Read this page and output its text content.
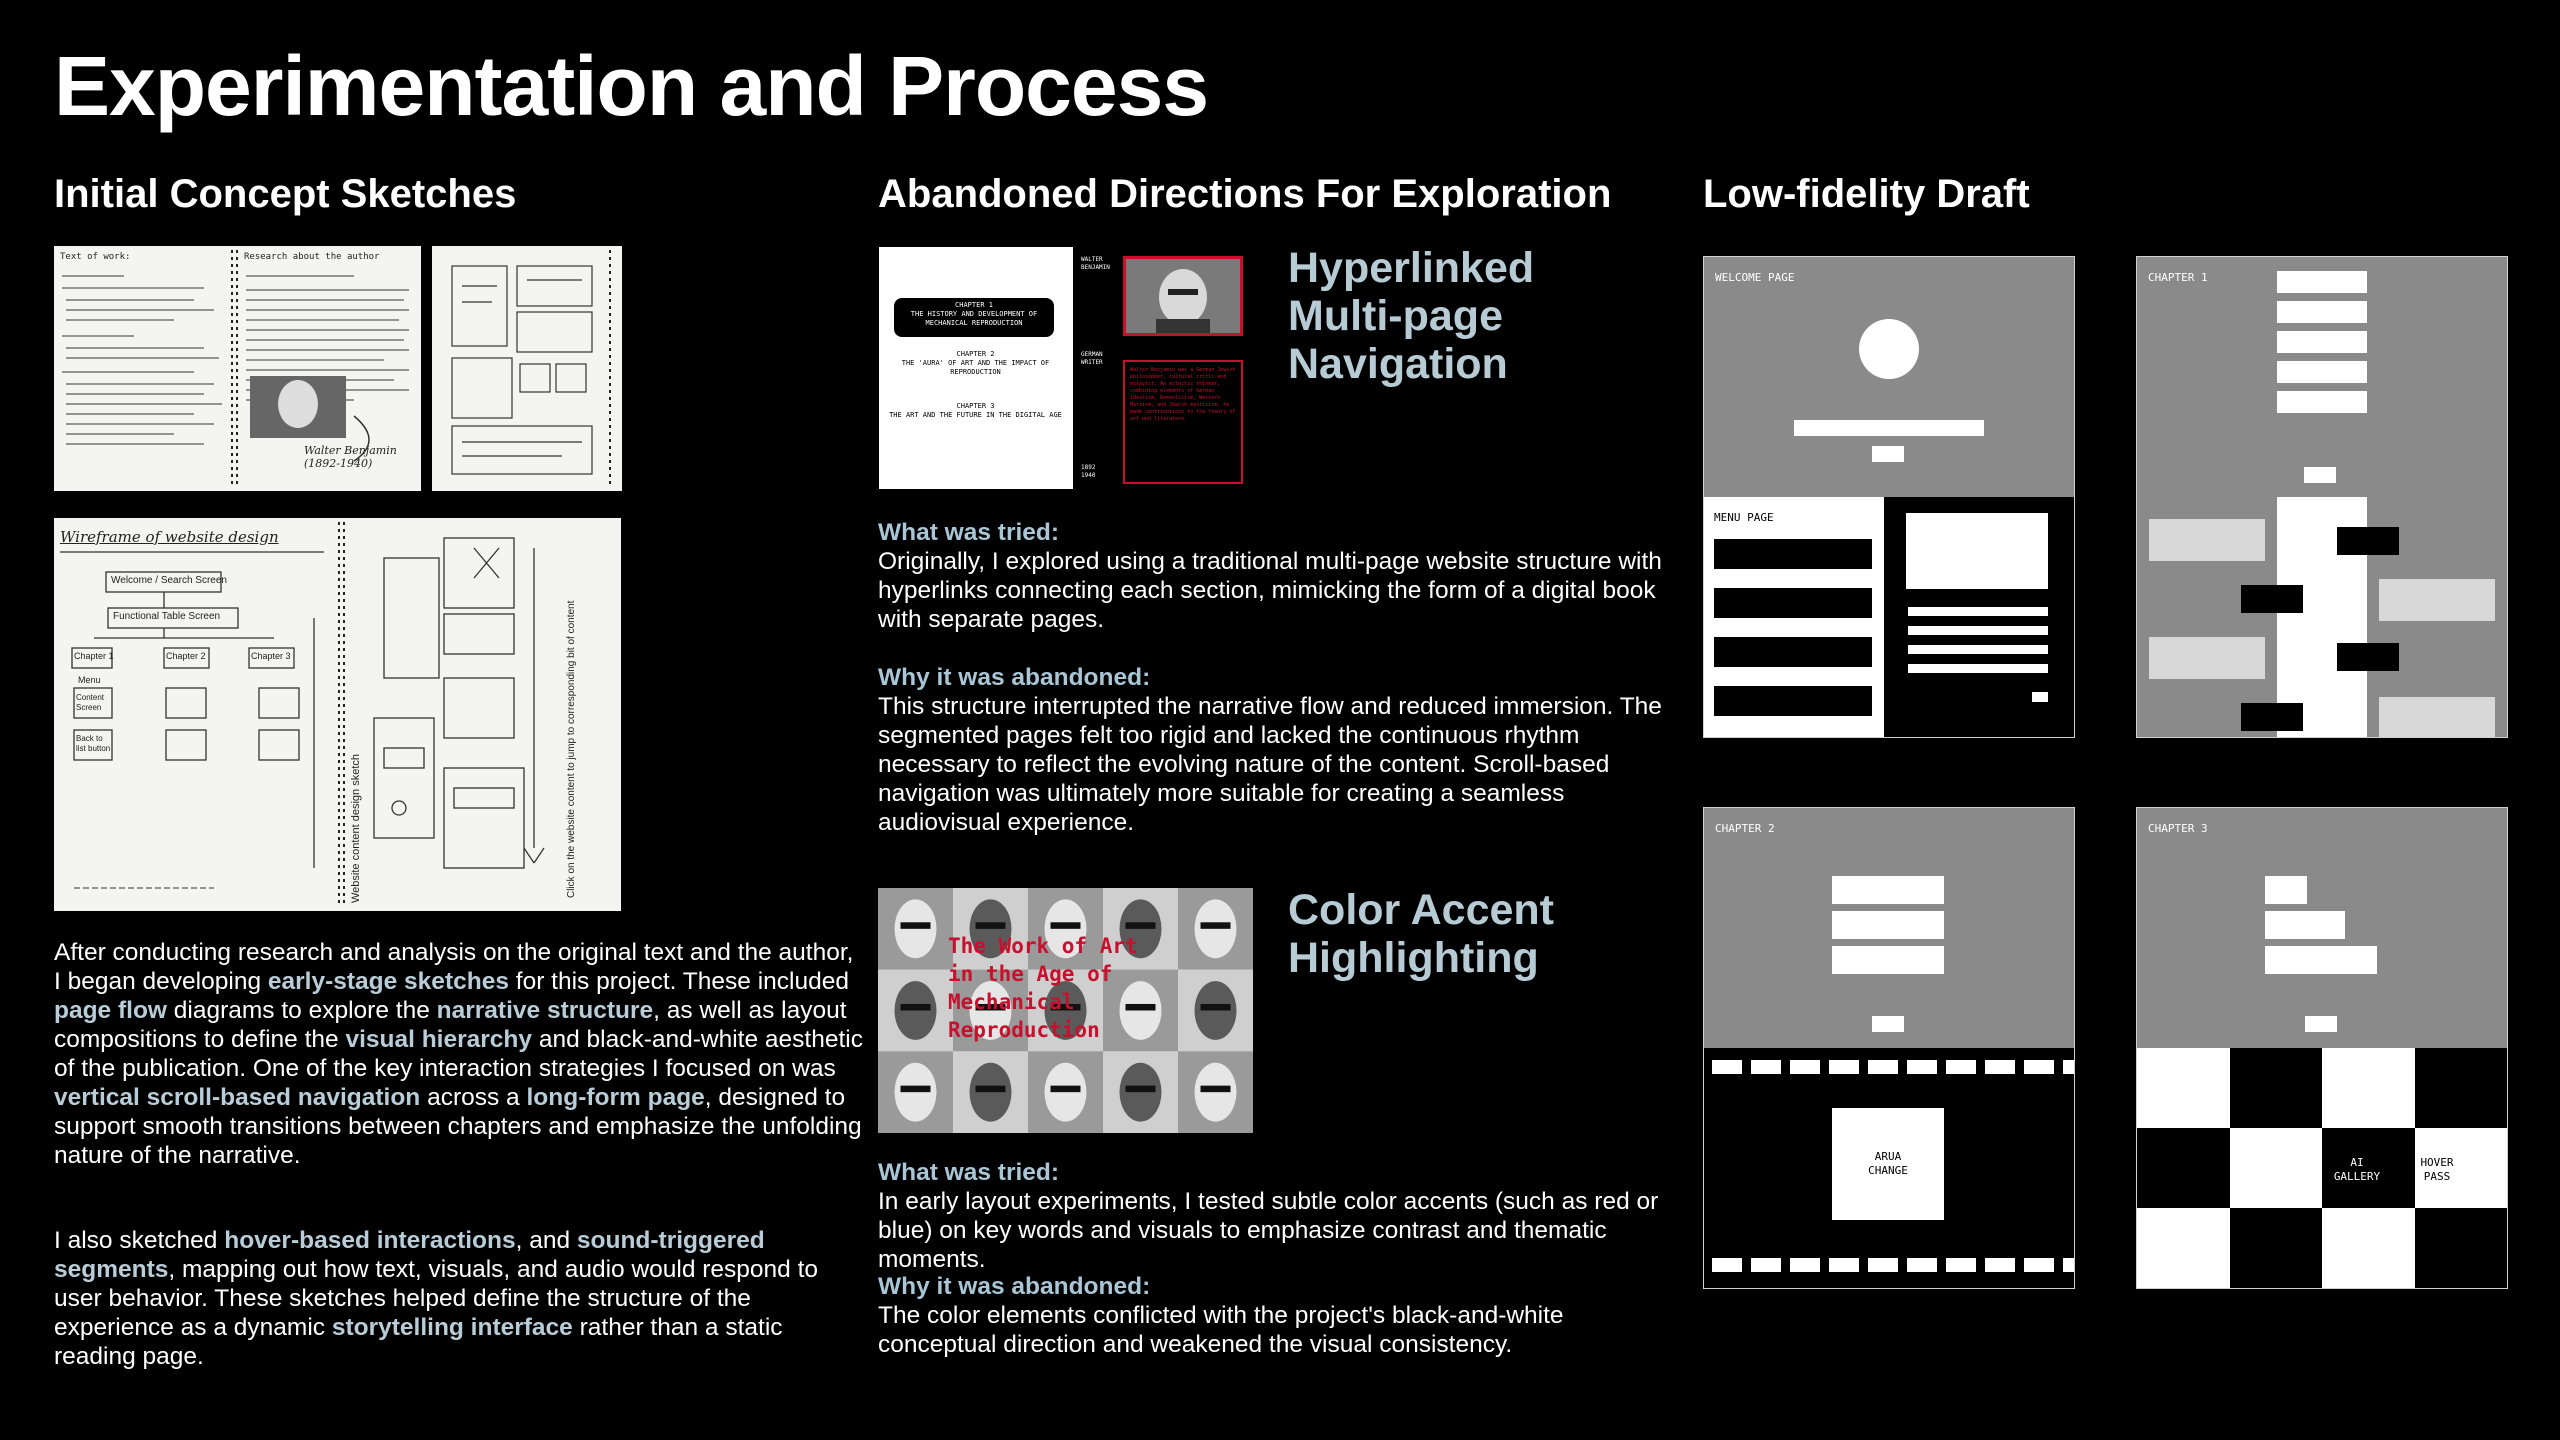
Experimentation and Process
Initial Concept Sketches	Abandoned Directions For Exploration Low-fidelity Draft
Text of work:	Research about the author
Walter Benjamin (1892-1940)
Wireframe of website design
Welcome / Search Screen
Functional Table Screen
Chapter 1	Chapter 2	Chapter 3
Menu
Content Screen
Back to list button
Website content design sketch	Click on the website content to jump to corresponding bit of content

After conducting research and analysis on the original text and the author, I began developing early-stage sketches for this project. These included page flow diagrams to explore the narrative structure, as well as layout compositions to define the visual hierarchy and black-and-white aesthetic of the publication. One of the key interaction strategies I focused on was vertical scroll-based navigation across a long-form page, designed to support smooth transitions between chapters and emphasize the unfolding nature of the narrative.

I also sketched hover-based interactions, and sound-triggered segments, mapping out how text, visuals, and audio would respond to user behavior. These sketches helped define the structure of the experience as a dynamic storytelling interface rather than a static reading page.

CHAPTER 1
THE HISTORY AND DEVELOPMENT OF MECHANICAL REPRODUCTION
CHAPTER 2
THE 'AURA' OF ART AND THE IMPACT OF REPRODUCTION
CHAPTER 3
THE ART AND THE FUTURE IN THE DIGITAL AGE
WALTER BENJAMIN
GERMAN WRITER
Walter Benjamin was a German Jewish philosopher, cultural critic and essayist. An eclectic thinker, combining elements of German idealism, Romanticism, Western Marxism, and Jewish mysticism, he made contributions to the theory of art and literature.
1892 1940
Hyperlinked Multi-page Navigation

What was tried:
Originally, I explored using a traditional multi-page website structure with hyperlinks connecting each section, mimicking the form of a digital book with separate pages.

Why it was abandoned:
This structure interrupted the narrative flow and reduced immersion. The segmented pages felt too rigid and lacked the continuous rhythm necessary to reflect the evolving nature of the content. Scroll-based navigation was ultimately more suitable for creating a seamless audiovisual experience.

The Work of Art
in the Age of
Mechanical
Reproduction
Color Accent Highlighting

What was tried:
In early layout experiments, I tested subtle color accents (such as red or blue) on key words and visuals to emphasize contrast and thematic moments.

Why it was abandoned:
The color elements conflicted with the project's black-and-white conceptual direction and weakened the visual consistency.

WELCOME PAGE
MENU PAGE
CHAPTER 1
CHAPTER 2
ARUA CHANGE
CHAPTER 3
AI GALLERY
HOVER PASS
